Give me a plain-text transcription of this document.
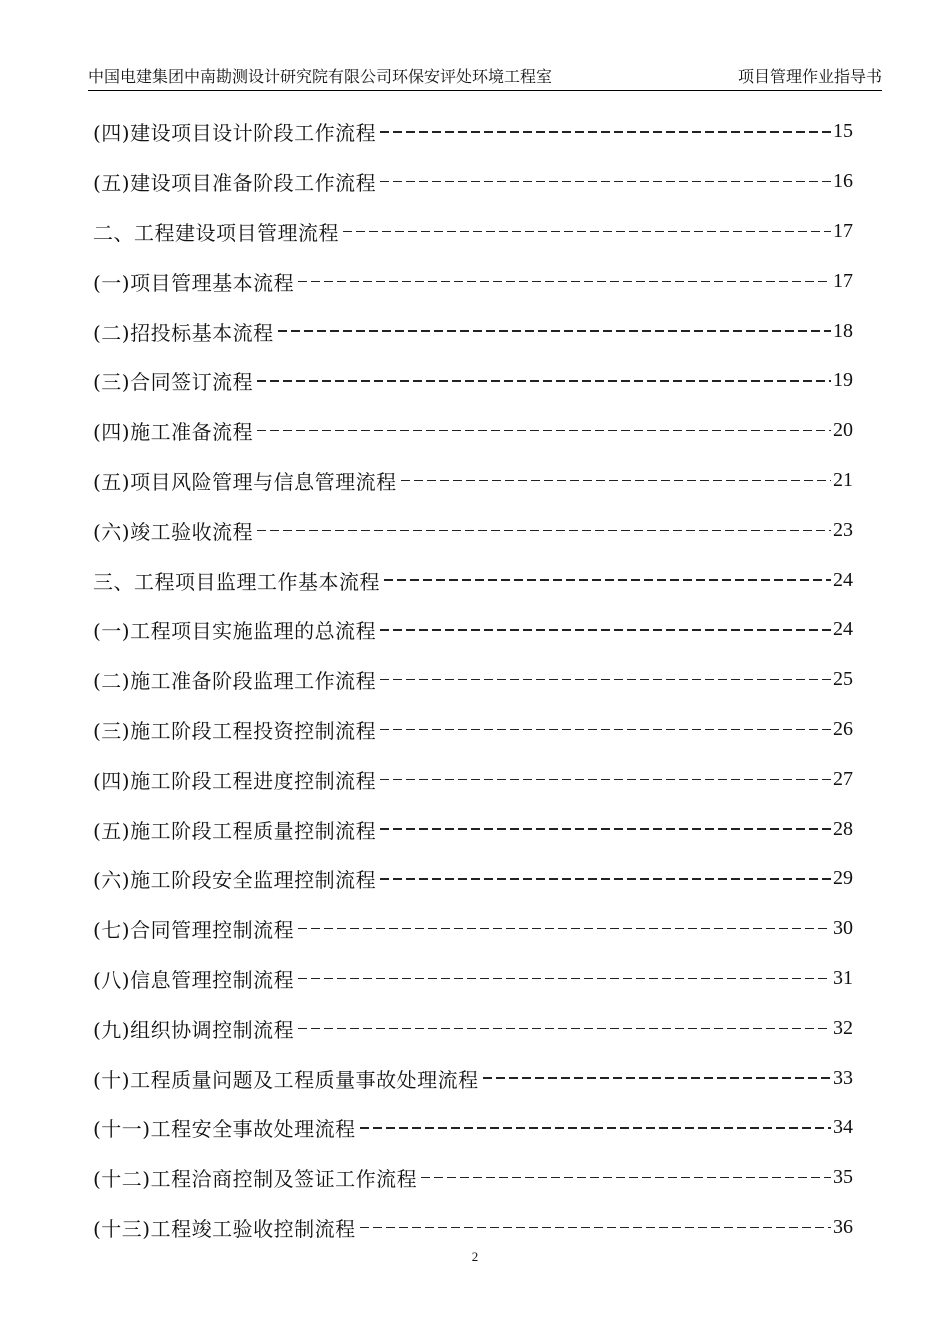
中国电建集团中南勘测设计研究院有限公司环保安评处环境工程室	项目管理作业指导书
(四)建设项目设计阶段工作流程	15
(五)建设项目准备阶段工作流程	16
二、工程建设项目管理流程	17
(一)项目管理基本流程	17
(二)招投标基本流程	18
(三)合同签订流程	19
(四)施工准备流程	20
(五)项目风险管理与信息管理流程	21
(六)竣工验收流程	23
三、工程项目监理工作基本流程	24
(一)工程项目实施监理的总流程	24
(二)施工准备阶段监理工作流程	25
(三)施工阶段工程投资控制流程	26
(四)施工阶段工程进度控制流程	27
(五)施工阶段工程质量控制流程	28
(六)施工阶段安全监理控制流程	29
(七)合同管理控制流程	30
(八)信息管理控制流程	31
(九)组织协调控制流程	32
(十)工程质量问题及工程质量事故处理流程	33
(十一)工程安全事故处理流程	34
(十二)工程洽商控制及签证工作流程	35
(十三)工程竣工验收控制流程	36
2
